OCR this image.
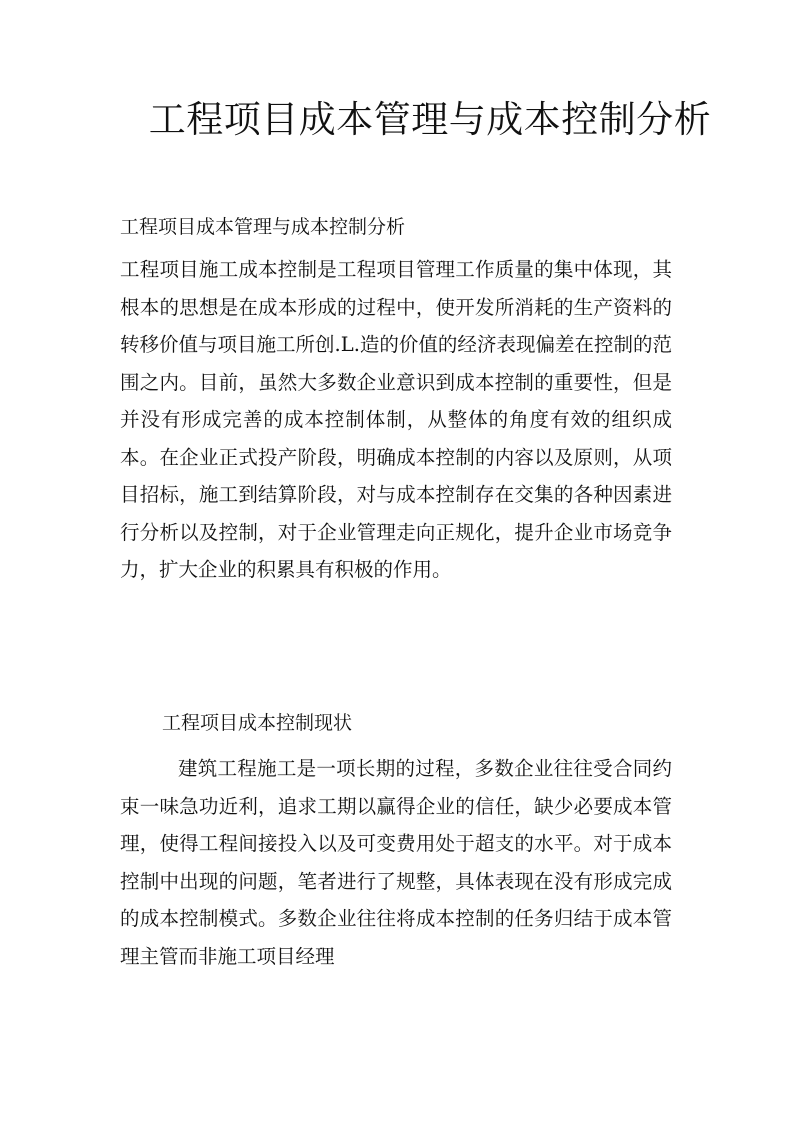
工程项目成本管理与成本控制分析

工程项目成本管理与成本控制分析

工程项目施工成本控制是工程项目管理工作质量的集中体现，其根本的思想是在成本形成的过程中，使开发所消耗的生产资料的转移价值与项目施工所创.L.造的价值的经济表现偏差在控制的范围之内。目前，虽然大多数企业意识到成本控制的重要性，但是并没有形成完善的成本控制体制，从整体的角度有效的组织成本。在企业正式投产阶段，明确成本控制的内容以及原则，从项目招标，施工到结算阶段，对与成本控制存在交集的各种因素进行分析以及控制，对于企业管理走向正规化，提升企业市场竞争力，扩大企业的积累具有积极的作用。

工程项目成本控制现状

建筑工程施工是一项长期的过程，多数企业往往受合同约束一味急功近利，追求工期以赢得企业的信任，缺少必要成本管理，使得工程间接投入以及可变费用处于超支的水平。对于成本控制中出现的问题，笔者进行了规整，具体表现在没有形成完成的成本控制模式。多数企业往往将成本控制的任务归结于成本管理主管而非施工项目经理
